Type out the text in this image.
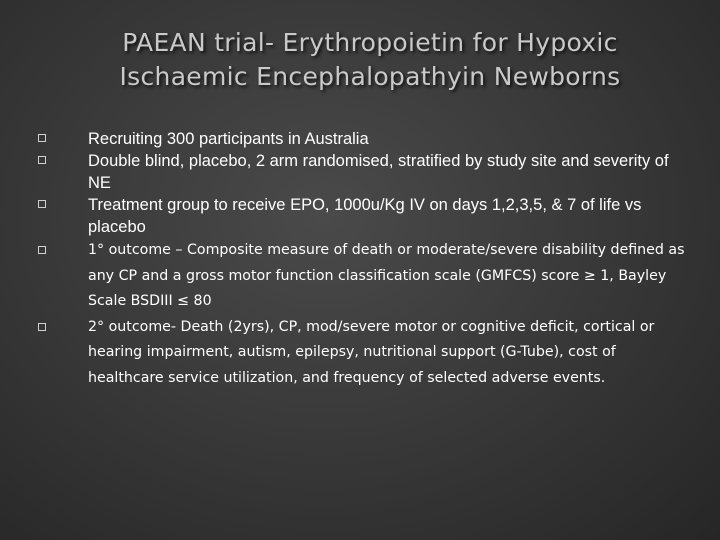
PAEAN trial- Erythropoietin for Hypoxic
Ischaemic Encephalopathyin Newborns
Recruiting 300 participants in Australia
Double blind, placebo, 2 arm randomised, stratified by study site and severity of NE
Treatment group to receive EPO, 1000u/Kg IV on days 1,2,3,5, & 7 of life vs placebo
1° outcome – Composite measure of death or moderate/severe disability defined as any CP and a gross motor function classification scale (GMFCS) score ≥ 1, Bayley Scale BSDIII ≤ 80
2° outcome- Death (2yrs), CP, mod/severe motor or cognitive deficit, cortical or hearing impairment, autism, epilepsy, nutritional support (G-Tube), cost of healthcare service utilization, and frequency of selected adverse events.
